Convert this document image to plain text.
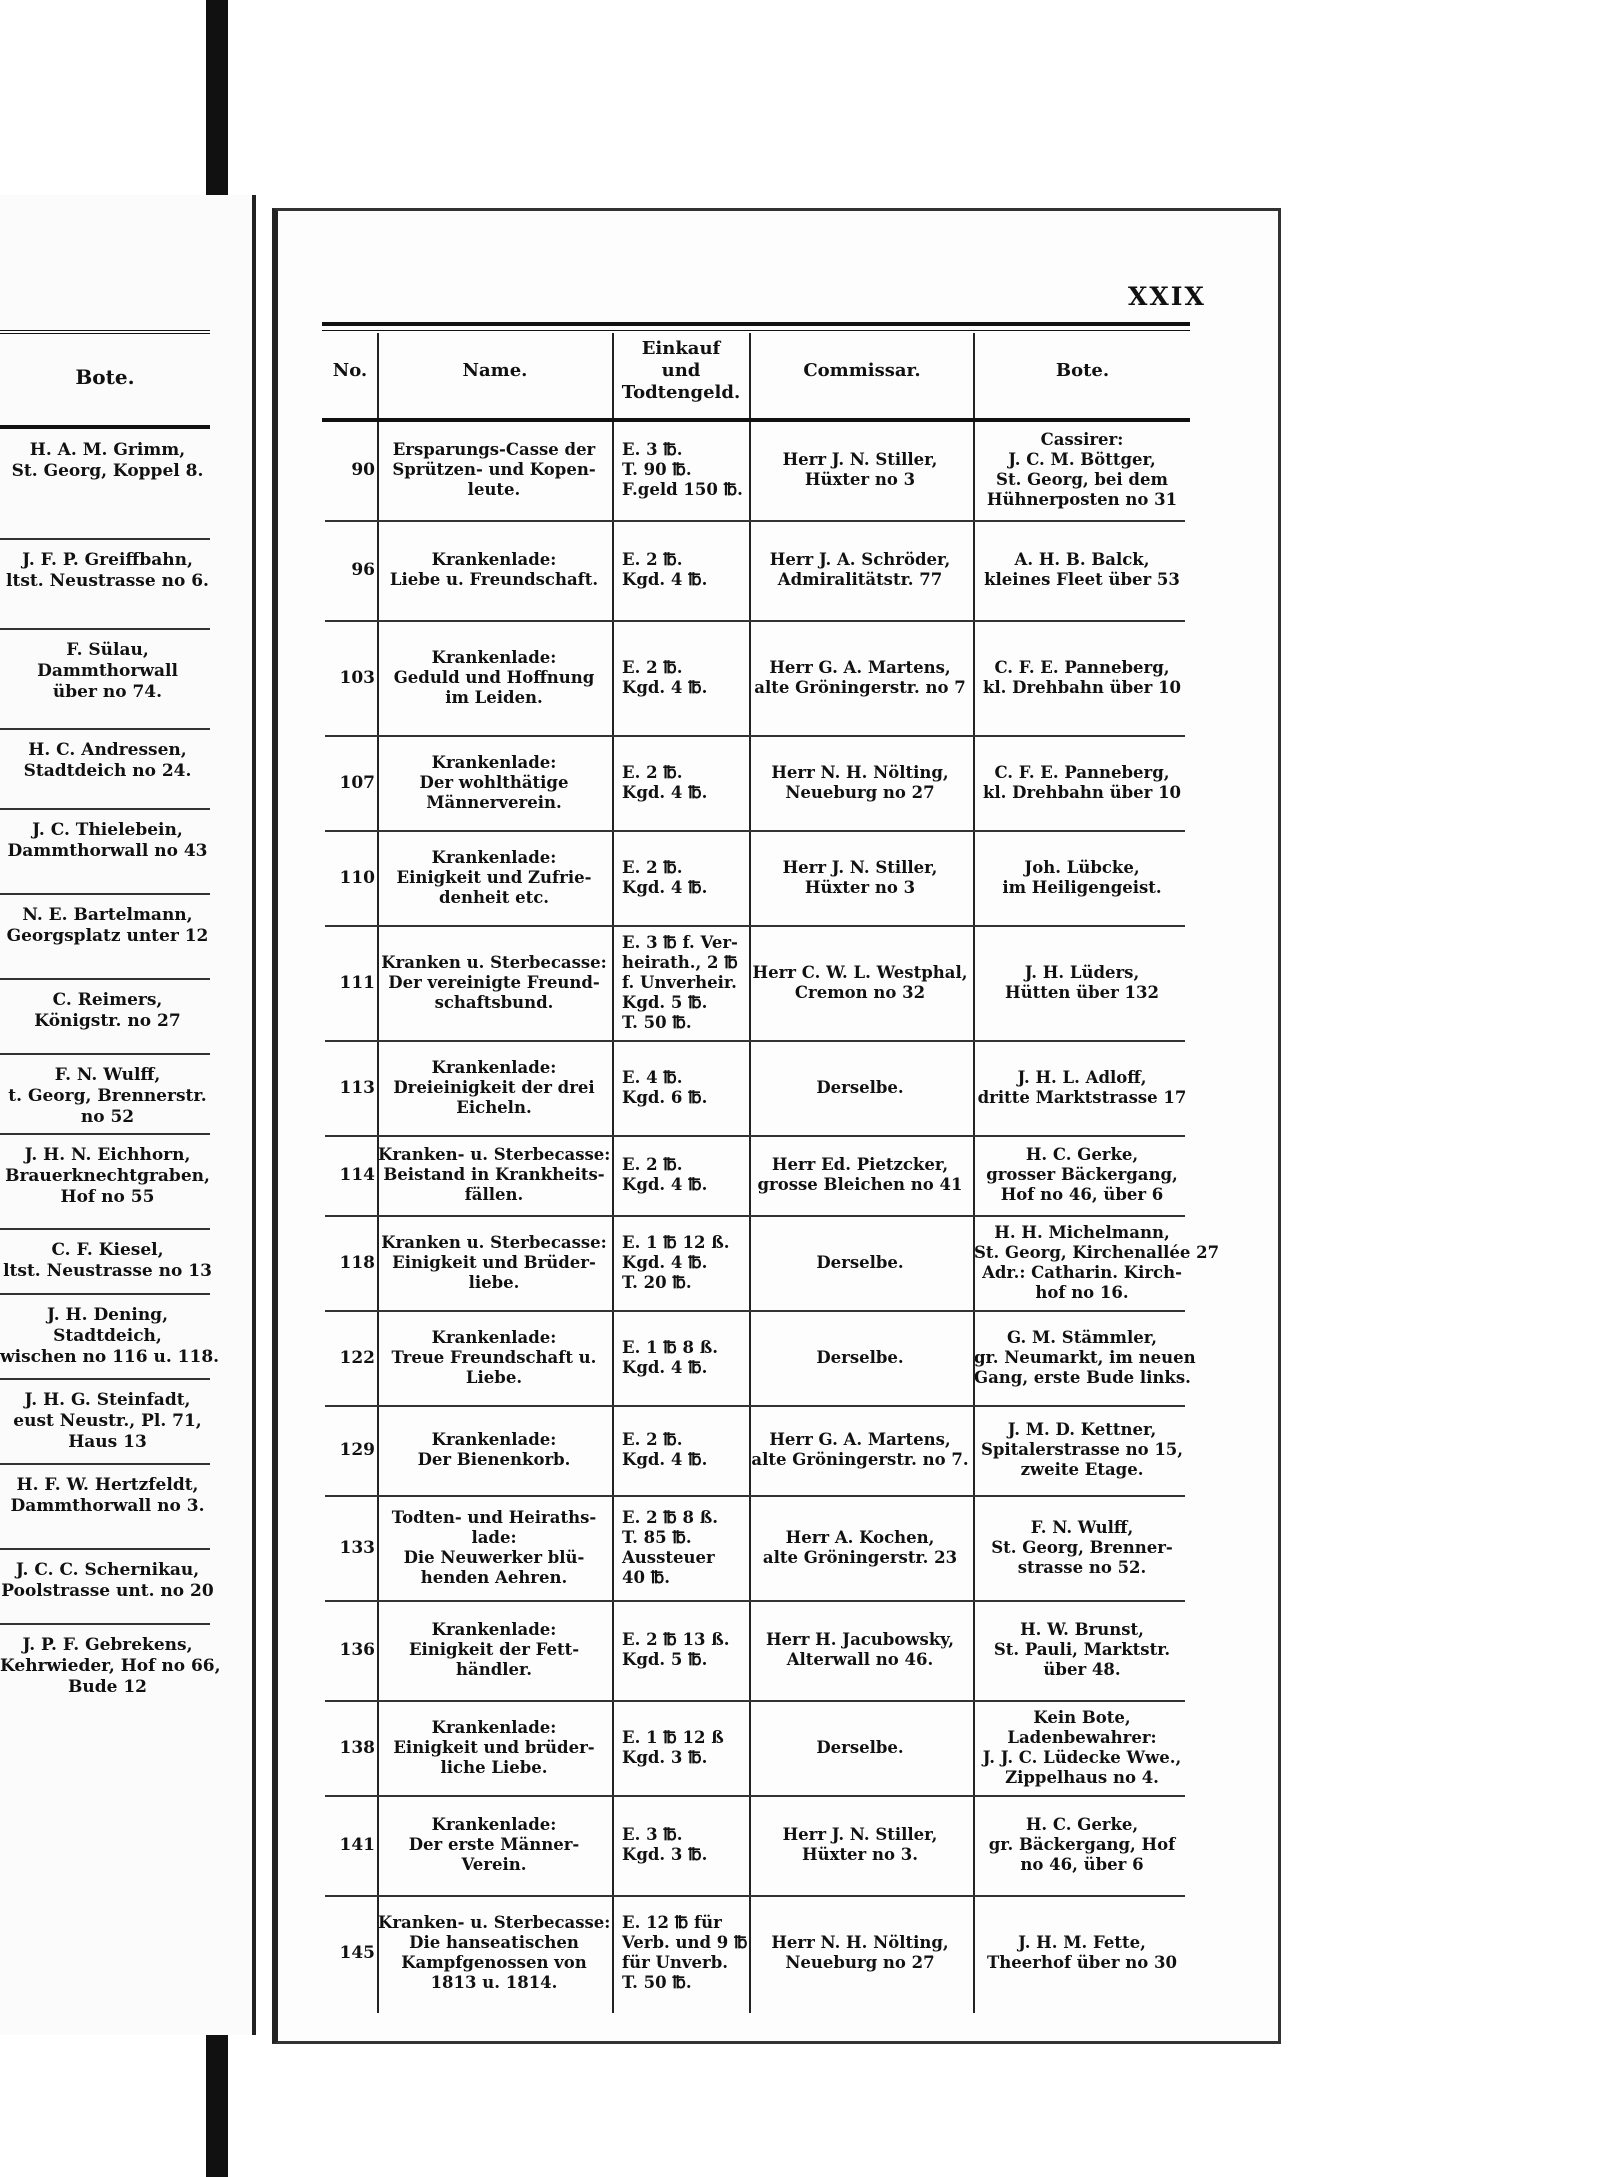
Bote.
H. A. M. Grimm,
St. Georg, Koppel 8.
J. F. P. Greiffbahn,
ltst. Neustrasse no 6.
F. Sülau,
Dammthorwall
über no 74.
H. C. Andressen,
Stadtdeich no 24.
J. C. Thielebein,
Dammthorwall no 43
N. E. Bartelmann,
Georgsplatz unter 12
C. Reimers,
Königstr. no 27
F. N. Wulff,
t. Georg, Brennerstr.
no 52
J. H. N. Eichhorn,
Brauerknechtgraben,
Hof no 55
C. F. Kiesel,
ltst. Neustrasse no 13
J. H. Dening,
Stadtdeich,
wischen no 116 u. 118.
J. H. G. Steinfadt,
eust Neustr., Pl. 71,
Haus 13
H. F. W. Hertzfeldt,
Dammthorwall no 3.
J. C. C. Schernikau,
Poolstrasse unt. no 20
J. P. F. Gebrekens,
Kehrwieder, Hof no 66,
Bude 12
XXIX
No.	Name.
Einkauf
und
Todtengeld.
Commissar.	Bote.
90
Ersparungs-Casse der
Sprützen- und Kopen-
leute.
E. 3 ℔.
T. 90 ℔.
F.geld 150 ℔.
Herr J. N. Stiller,
Hüxter no 3
Cassirer:
J. C. M. Böttger,
St. Georg, bei dem
Hühnerposten no 31
96
Krankenlade:
Liebe u. Freundschaft.
E. 2 ℔.
Kgd. 4 ℔.
Herr J. A. Schröder,
Admiralitätstr. 77
A. H. B. Balck,
kleines Fleet über 53
103
Krankenlade:
Geduld und Hoffnung
im Leiden.
E. 2 ℔.
Kgd. 4 ℔.
Herr G. A. Martens,
alte Gröningerstr. no 7
C. F. E. Panneberg,
kl. Drehbahn über 10
107
Krankenlade:
Der wohlthätige
Männerverein.
E. 2 ℔.
Kgd. 4 ℔.
Herr N. H. Nölting,
Neueburg no 27
C. F. E. Panneberg,
kl. Drehbahn über 10
110
Krankenlade:
Einigkeit und Zufrie-
denheit etc.
E. 2 ℔.
Kgd. 4 ℔.
Herr J. N. Stiller,
Hüxter no 3
Joh. Lübcke,
im Heiligengeist.
111
Kranken u. Sterbecasse:
Der vereinigte Freund-
schaftsbund.
E. 3 ℔ f. Ver-
heirath., 2 ℔
f. Unverheir.
Kgd. 5 ℔.
T. 50 ℔.
Herr C. W. L. Westphal,
Cremon no 32
J. H. Lüders,
Hütten über 132
113
Krankenlade:
Dreieinigkeit der drei
Eicheln.
E. 4 ℔.
Kgd. 6 ℔.
Derselbe.
J. H. L. Adloff,
dritte Marktstrasse 17
114
Kranken- u. Sterbecasse:
Beistand in Krankheits-
fällen.
E. 2 ℔.
Kgd. 4 ℔.
Herr Ed. Pietzcker,
grosse Bleichen no 41
H. C. Gerke,
grosser Bäckergang,
Hof no 46, über 6
118
Kranken u. Sterbecasse:
Einigkeit und Brüder-
liebe.
E. 1 ℔ 12 ß.
Kgd. 4 ℔.
T. 20 ℔.
Derselbe.
H. H. Michelmann,
St. Georg, Kirchenallée 27
Adr.: Catharin. Kirch-
hof no 16.
122
Krankenlade:
Treue Freundschaft u.
Liebe.
E. 1 ℔ 8 ß.
Kgd. 4 ℔.
Derselbe.
G. M. Stämmler,
gr. Neumarkt, im neuen
Gang, erste Bude links.
129
Krankenlade:
Der Bienenkorb.
E. 2 ℔.
Kgd. 4 ℔.
Herr G. A. Martens,
alte Gröningerstr. no 7.
J. M. D. Kettner,
Spitalerstrasse no 15,
zweite Etage.
133
Todten- und Heiraths-
lade:
Die Neuwerker blü-
henden Aehren.
E. 2 ℔ 8 ß.
T. 85 ℔.
Aussteuer
40 ℔.
Herr A. Kochen,
alte Gröningerstr. 23
F. N. Wulff,
St. Georg, Brenner-
strasse no 52.
136
Krankenlade:
Einigkeit der Fett-
händler.
E. 2 ℔ 13 ß.
Kgd. 5 ℔.
Herr H. Jacubowsky,
Alterwall no 46.
H. W. Brunst,
St. Pauli, Marktstr.
über 48.
138
Krankenlade:
Einigkeit und brüder-
liche Liebe.
E. 1 ℔ 12 ß
Kgd. 3 ℔.
Derselbe.
Kein Bote,
Ladenbewahrer:
J. J. C. Lüdecke Wwe.,
Zippelhaus no 4.
141
Krankenlade:
Der erste Männer-
Verein.
E. 3 ℔.
Kgd. 3 ℔.
Herr J. N. Stiller,
Hüxter no 3.
H. C. Gerke,
gr. Bäckergang, Hof
no 46, über 6
145
Kranken- u. Sterbecasse:
Die hanseatischen
Kampfgenossen von
1813 u. 1814.
E. 12 ℔ für
Verb. und 9 ℔
für Unverb.
T. 50 ℔.
Herr N. H. Nölting,
Neueburg no 27
J. H. M. Fette,
Theerhof über no 30
